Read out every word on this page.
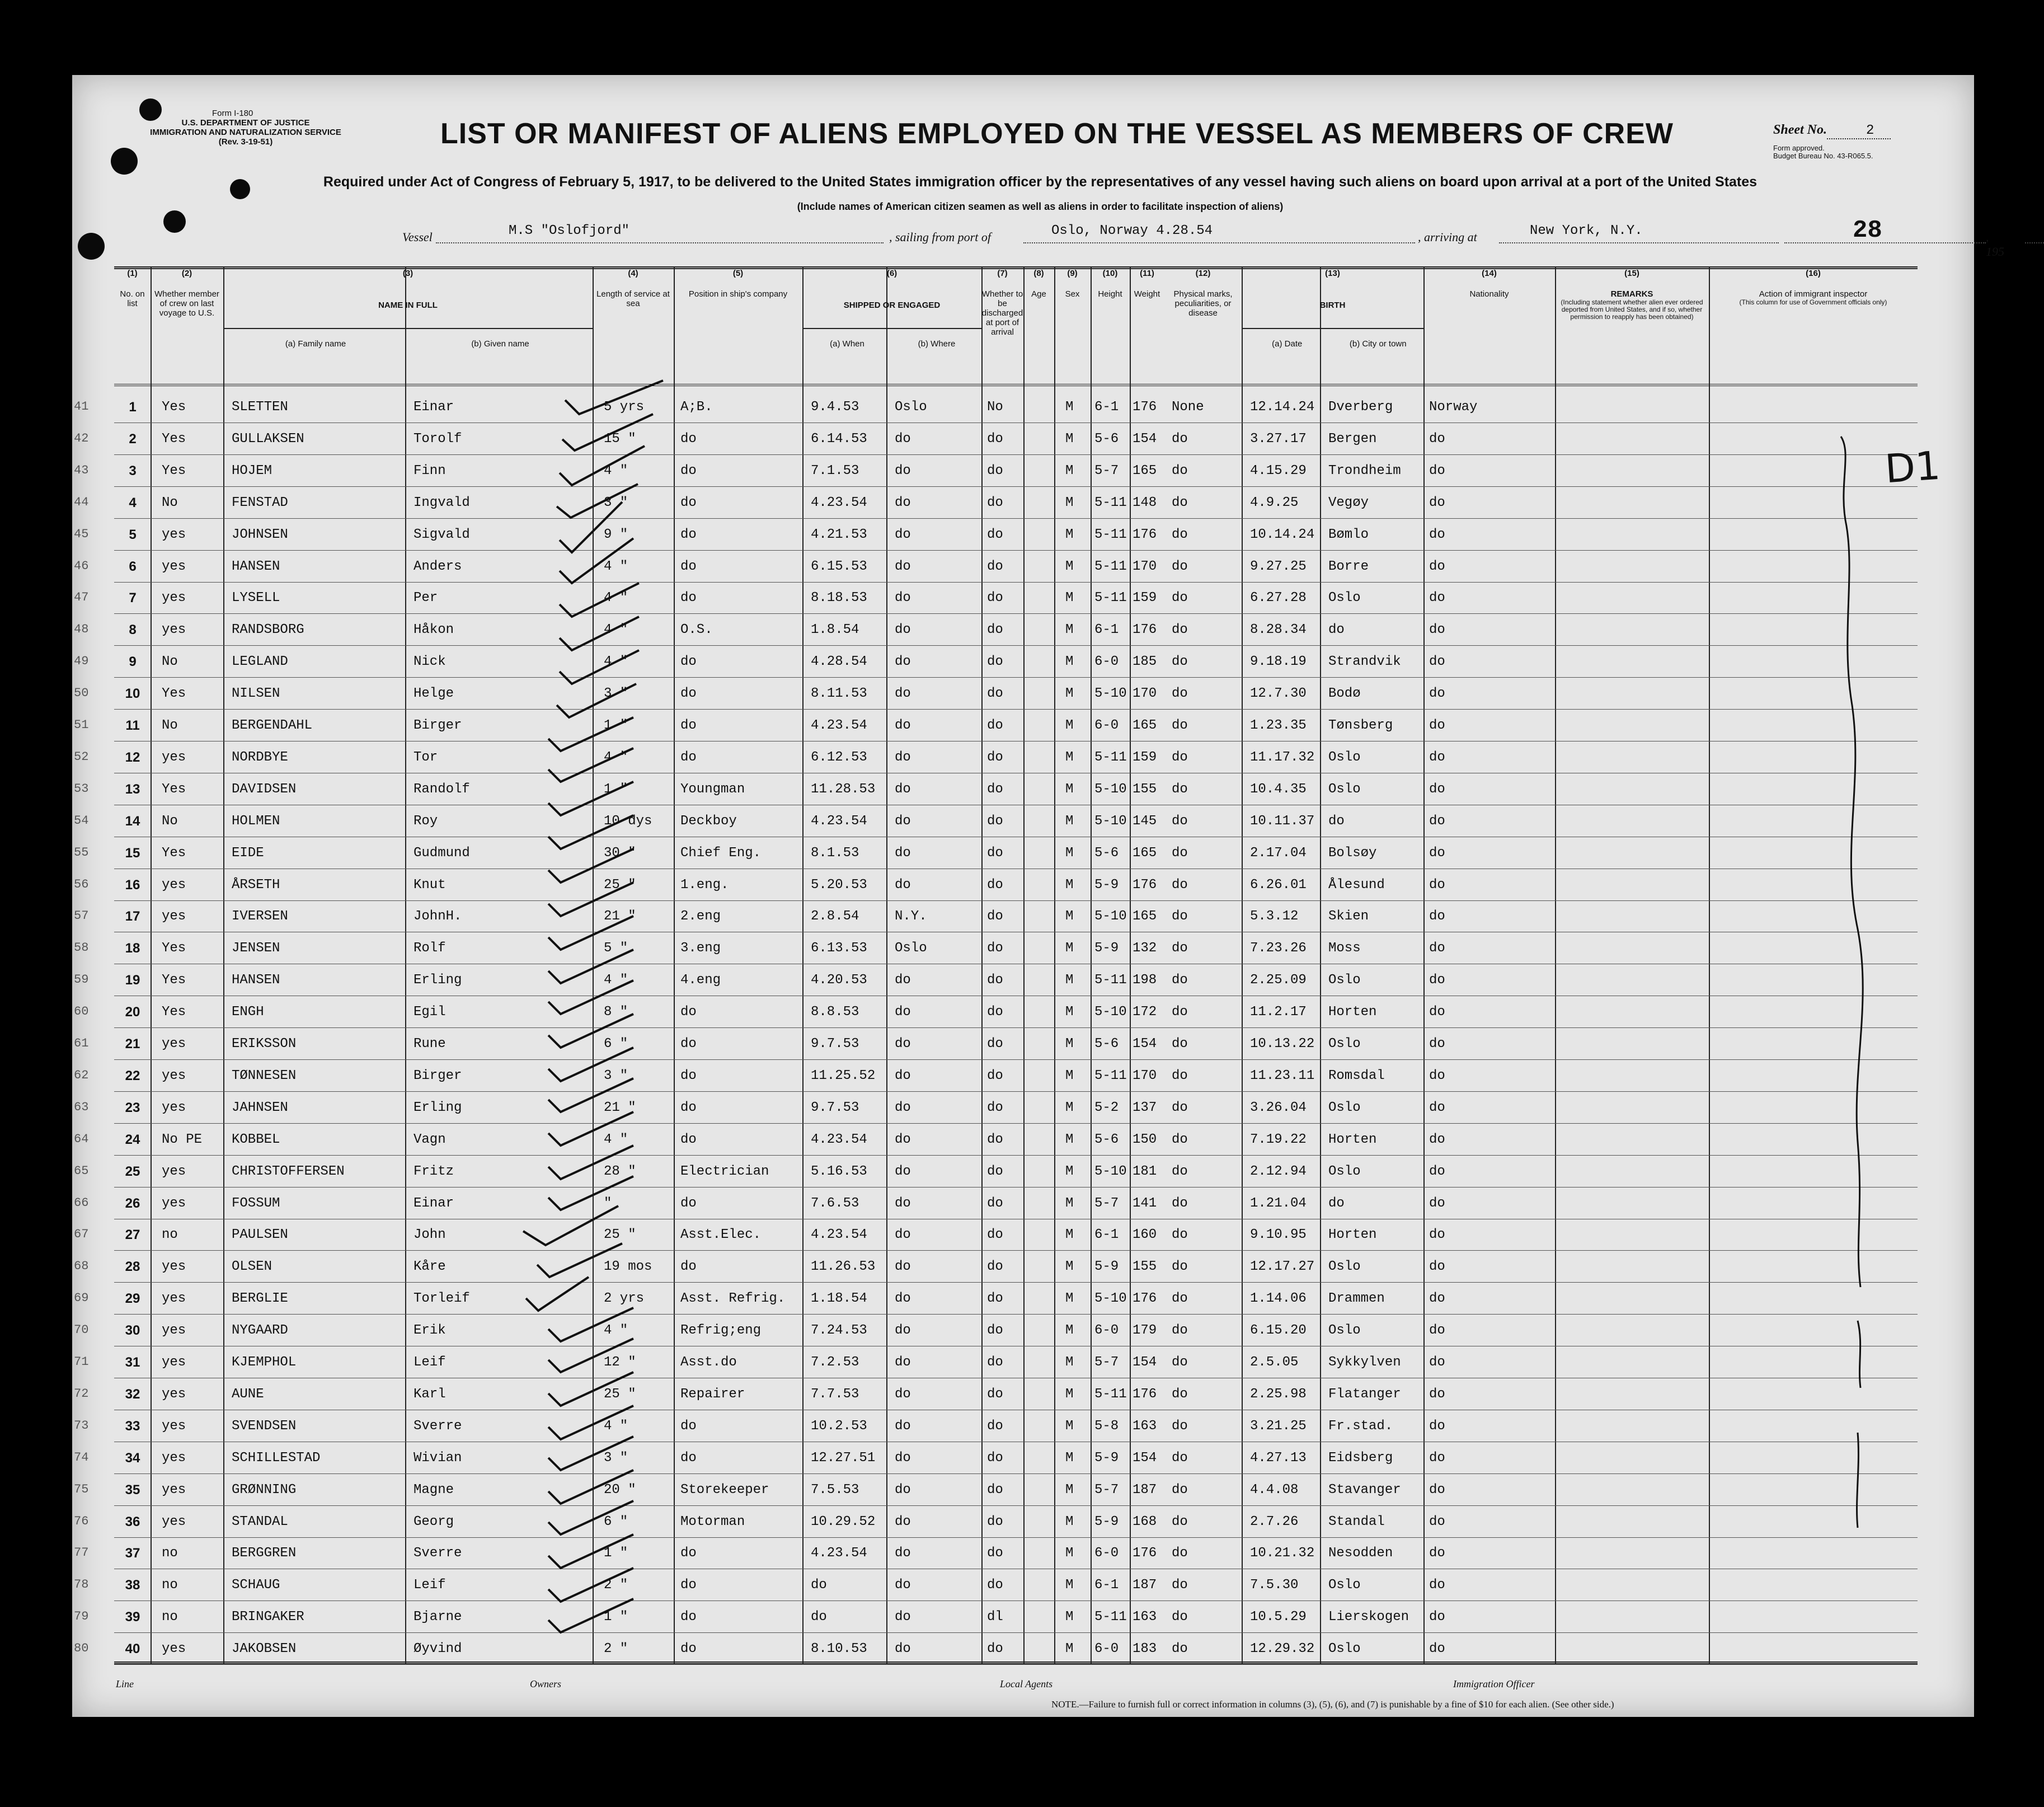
Form I-180
U.S. DEPARTMENT OF JUSTICE
IMMIGRATION AND NATURALIZATION SERVICE
(Rev. 3-19-51)	LIST OR MANIFEST OF ALIENS EMPLOYED ON THE VESSEL AS MEMBERS OF CREW	Sheet No.	2
Form approved.
Budget Bureau No. 43-R065.5.
Required under Act of Congress of February 5, 1917, to be delivered to the United States immigration officer by the representatives of any vessel having such aliens on board upon arrival at a port of the United States
(Include names of American citizen seamen as well as aliens in order to facilitate inspection of aliens)
Vessel	M.S "Oslofjord"	, sailing from port of	Oslo, Norway 4.28.54	, arriving at	New York, N.Y.	, 195
28
(1)
No. on list
(2)
Whether member of crew on last voyage to U.S.
(3)
NAME IN FULL
(a) Family name	(b) Given name
(4)
Length of service at sea
(5)
Position in ship's company
(6)
SHIPPED OR ENGAGED
(a) When	(b) Where
(7)
Whether to be discharged at port of arrival
(8)
Age
(9)
Sex
(10)
Height
(11)
Weight
(12)
Physical marks, peculiarities, or disease
(13)
BIRTH
(a) Date	(b) City or town
(14)
Nationality
(15)
REMARKS
(Including statement whether alien ever ordered deported from United States, and if so, whether permission to reapply has been obtained)
(16)
Action of immigrant inspector
(This column for use of Government officials only)
41	1	Yes	SLETTEN	Einar	5 yrs	A;B.	9.4.53	Oslo	No	M 6-1 176 None	12.14.24 Dverberg	Norway
42	2	Yes	GULLAKSEN	Torolf	15 "	do	6.14.53 do	do	M 5-6 154 do	3.27.17 Bergen	do
43	3	Yes	HOJEM	Finn	4 "	do	7.1.53	do	do	M 5-7 165 do	4.15.29 Trondheim do
44	4	No	FENSTAD	Ingvald	3 "	do	4.23.54 do	do	M 5-11 148 do	4.9.25 Vegøy	do
45	5	yes	JOHNSEN	Sigvald	9 "	do	4.21.53 do	do	M 5-11 176 do	10.14.24 Bømlo	do
46	6	yes	HANSEN	Anders	4 "	do	6.15.53 do	do	M 5-11 170 do	9.27.25 Borre	do
47	7	yes	LYSELL	Per	4 "	do	8.18.53 do	do	M 5-11 159 do	6.27.28 Oslo	do
48	8	yes	RANDSBORG	Håkon	4 "	O.S.	1.8.54	do	do	M 6-1 176 do	8.28.34 do	do
49	9	No	LEGLAND	Nick	4 "	do	4.28.54 do	do	M 6-0 185 do	9.18.19 Strandvik do
50	10	Yes	NILSEN	Helge	3 "	do	8.11.53 do	do	M 5-10 170 do	12.7.30 Bodø	do
51	11	No	BERGENDAHL	Birger	1 "	do	4.23.54 do	do	M 6-0 165 do	1.23.35 Tønsberg	do
52	12	yes	NORDBYE	Tor	4 "	do	6.12.53 do	do	M 5-11 159 do	11.17.32 Oslo	do
53	13	Yes	DAVIDSEN	Randolf	1 "	Youngman	11.28.53 do	do	M 5-10 155 do	10.4.35 Oslo	do
54	14	No	HOLMEN	Roy	10 dys Deckboy	4.23.54 do	do	M 5-10 145 do	10.11.37 do	do
55	15	Yes	EIDE	Gudmund	30 "	Chief Eng.	8.1.53	do	do	M 5-6 165 do	2.17.04 Bolsøy	do
56	16	yes	ÅRSETH	Knut	25 "	1.eng.	5.20.53 do	do	M 5-9 176 do	6.26.01 Ålesund	do
57	17	yes	IVERSEN	JohnH.	21 "	2.eng	2.8.54	N.Y.	do	M 5-10 165 do	5.3.12 Skien	do
58	18	Yes	JENSEN	Rolf	5 "	3.eng	6.13.53 Oslo	do	M 5-9 132 do	7.23.26 Moss	do
59	19	Yes	HANSEN	Erling	4 "	4.eng	4.20.53 do	do	M 5-11 198 do	2.25.09 Oslo	do
60	20	Yes	ENGH	Egil	8 "	do	8.8.53	do	do	M 5-10 172 do	11.2.17 Horten	do
61	21	yes	ERIKSSON	Rune	6 "	do	9.7.53	do	do	M 5-6 154 do	10.13.22 Oslo	do
62	22	yes	TØNNESEN	Birger	3 "	do	11.25.52 do	do	M 5-11 170 do	11.23.11 Romsdal	do
63	23	yes	JAHNSEN	Erling	21 "	do	9.7.53	do	do	M 5-2 137 do	3.26.04 Oslo	do
64	24	No PE KOBBEL	Vagn	4 "	do	4.23.54 do	do	M 5-6 150 do	7.19.22 Horten	do
65	25	yes	CHRISTOFFERSEN	Fritz	28 "	Electrician	5.16.53 do	do	M 5-10 181 do	2.12.94 Oslo	do
66	26	yes	FOSSUM	Einar	"	do	7.6.53	do	do	M 5-7 141 do	1.21.04 do	do
67	27	no	PAULSEN	John	25 "	Asst.Elec.	4.23.54 do	do	M 6-1 160 do	9.10.95 Horten	do
68	28	yes	OLSEN	Kåre	19 mos do	11.26.53 do	do	M 5-9 155 do	12.17.27 Oslo	do
69	29	yes	BERGLIE	Torleif	2 yrs	Asst. Refrig. 1.18.54 do	do	M 5-10 176 do	1.14.06 Drammen	do
70	30	yes	NYGAARD	Erik	4 "	Refrig;eng	7.24.53 do	do	M 6-0 179 do	6.15.20 Oslo	do
71	31	yes	KJEMPHOL	Leif	12 "	Asst.do	7.2.53	do	do	M 5-7 154 do	2.5.05 Sykkylven do
72	32	yes	AUNE	Karl	25 "	Repairer	7.7.53	do	do	M 5-11 176 do	2.25.98 Flatanger do
73	33	yes	SVENDSEN	Sverre	4 "	do	10.2.53 do	do	M 5-8 163 do	3.21.25 Fr.stad.	do
74	34	yes	SCHILLESTAD	Wivian	3 "	do	12.27.51 do	do	M 5-9 154 do	4.27.13 Eidsberg	do
75	35	yes	GRØNNING	Magne	20 "	Storekeeper	7.5.53	do	do	M 5-7 187 do	4.4.08 Stavanger do
76	36	yes	STANDAL	Georg	6 "	Motorman	10.29.52 do	do	M 5-9 168 do	2.7.26 Standal	do
77	37	no	BERGGREN	Sverre	1 "	do	4.23.54 do	do	M 6-0 176 do	10.21.32 Nesodden	do
78	38	no	SCHAUG	Leif	2 "	do	do	do	do	M 6-1 187 do	7.5.30 Oslo	do
79	39	no	BRINGAKER	Bjarne	1 "	do	do	do	dl	M 5-11 163 do	10.5.29 Lierskogen do
80	40	yes	JAKOBSEN	Øyvind	2 "	do	8.10.53 do	do	M 6-0 183 do	12.29.32 Oslo	do
D1
Line	Owners	Local Agents	Immigration Officer
NOTE.—Failure to furnish full or correct information in columns (3), (5), (6), and (7) is punishable by a fine of $10 for each alien. (See other side.)
